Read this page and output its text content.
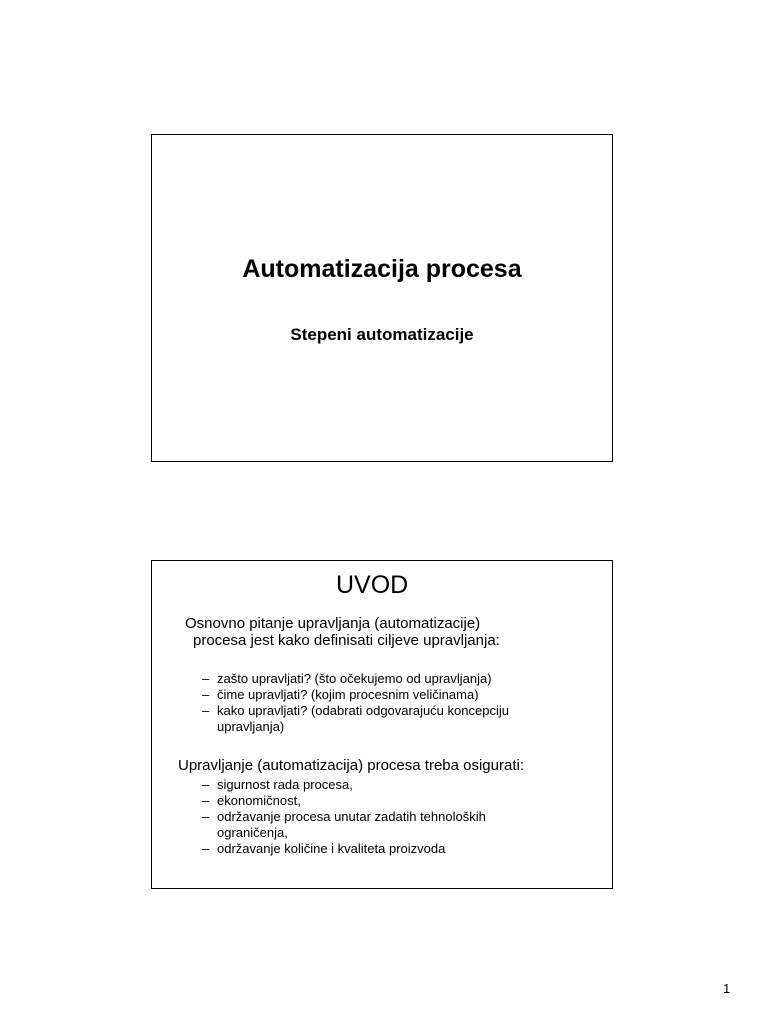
Automatizacija procesa
Stepeni automatizacije
UVOD

Osnovno pitanje upravljanja (automatizacije)
procesa jest kako definisati ciljeve upravljanja:

– zašto upravljati? (što očekujemo od upravljanja)
– čime upravljati? (kojim procesnim veličinama)
– kako upravljati? (odabrati odgovarajuću koncepciju
upravljanja)

Upravljanje (automatizacija) procesa treba osigurati:

– sigurnost rada procesa,
– ekonomičnost,
– održavanje procesa unutar zadatih tehnoloških
ograničenja,
– održavanje količine i kvaliteta proizvoda
1
